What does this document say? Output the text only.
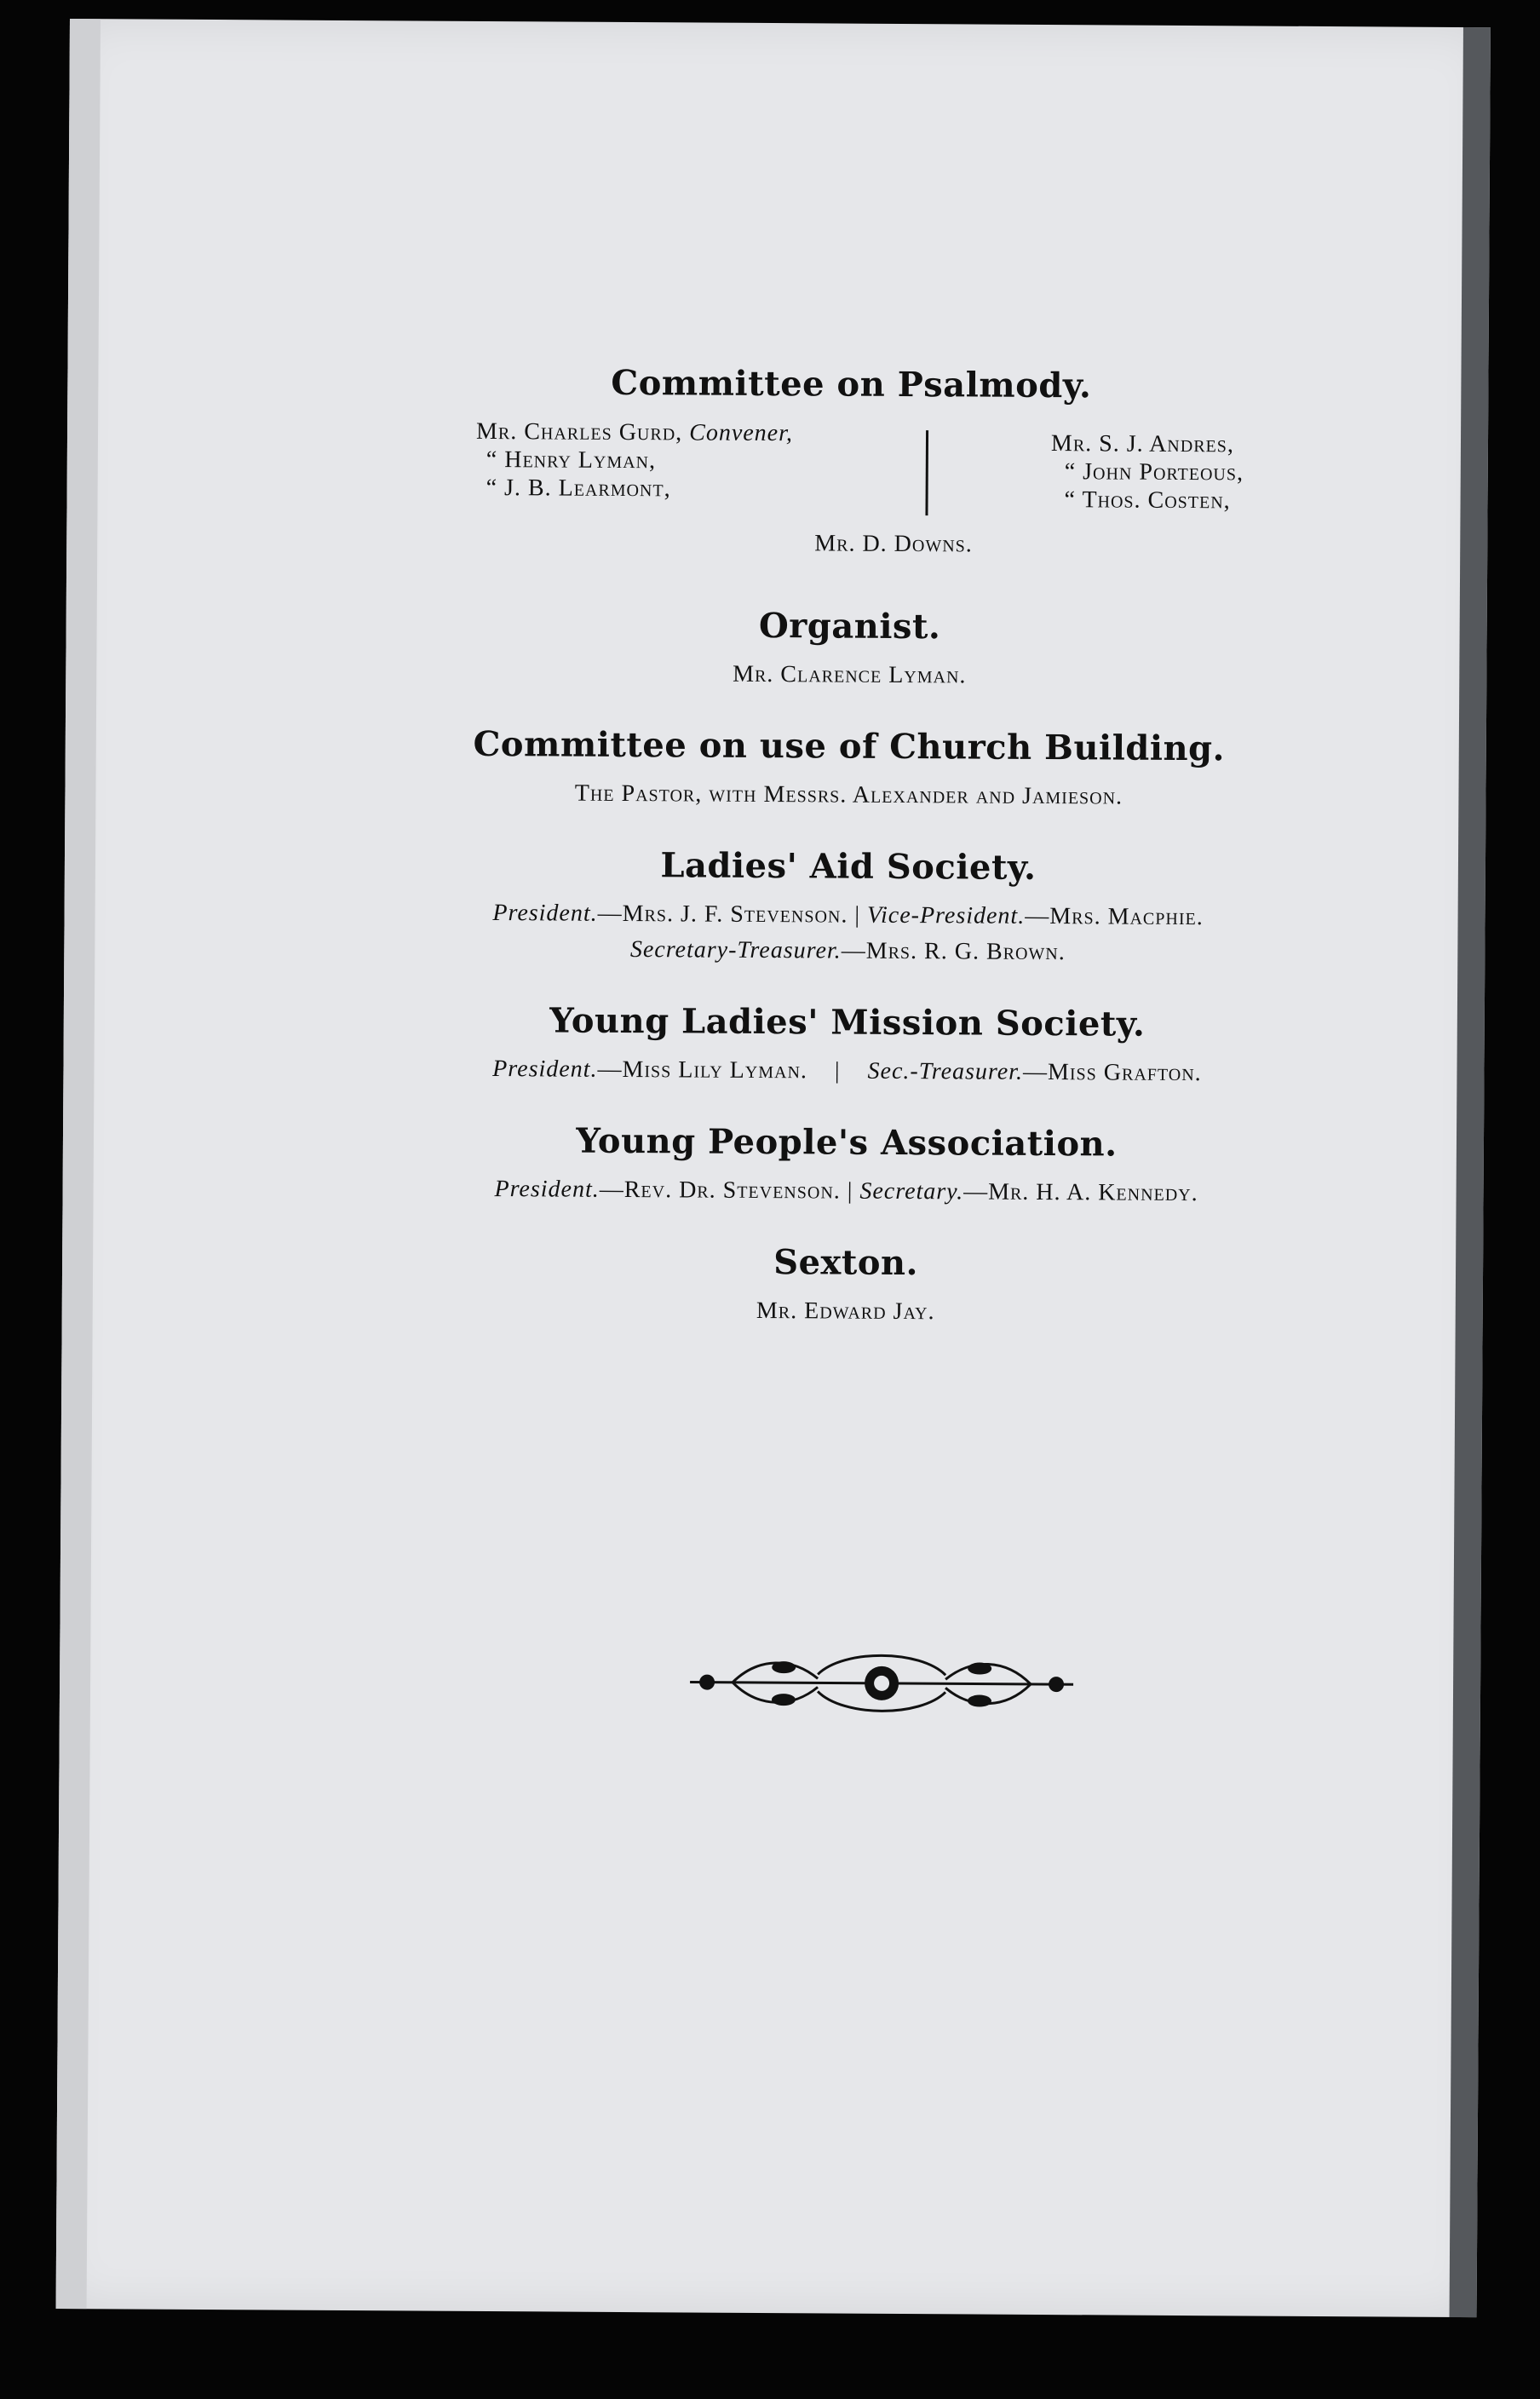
Committee on Psalmody.
Mr. Charles Gurd, Convener,
“ Henry Lyman,
“ J. B. Learmont,
Mr. S. J. Andres,
“ John Porteous,
“ Thos. Costen,
Mr. D. Downs.
Organist.
Mr. Clarence Lyman.
Committee on use of Church Building.
The Pastor, with Messrs. Alexander and Jamieson.
Ladies' Aid Society.
President.—Mrs. J. F. Stevenson. | Vice-President.—Mrs. Macphie.
Secretary-Treasurer.—Mrs. R. G. Brown.
Young Ladies' Mission Society.
President.—Miss Lily Lyman.    |    Sec.-Treasurer.—Miss Grafton.
Young People's Association.
President.—Rev. Dr. Stevenson. | Secretary.—Mr. H. A. Kennedy.
Sexton.
Mr. Edward Jay.
